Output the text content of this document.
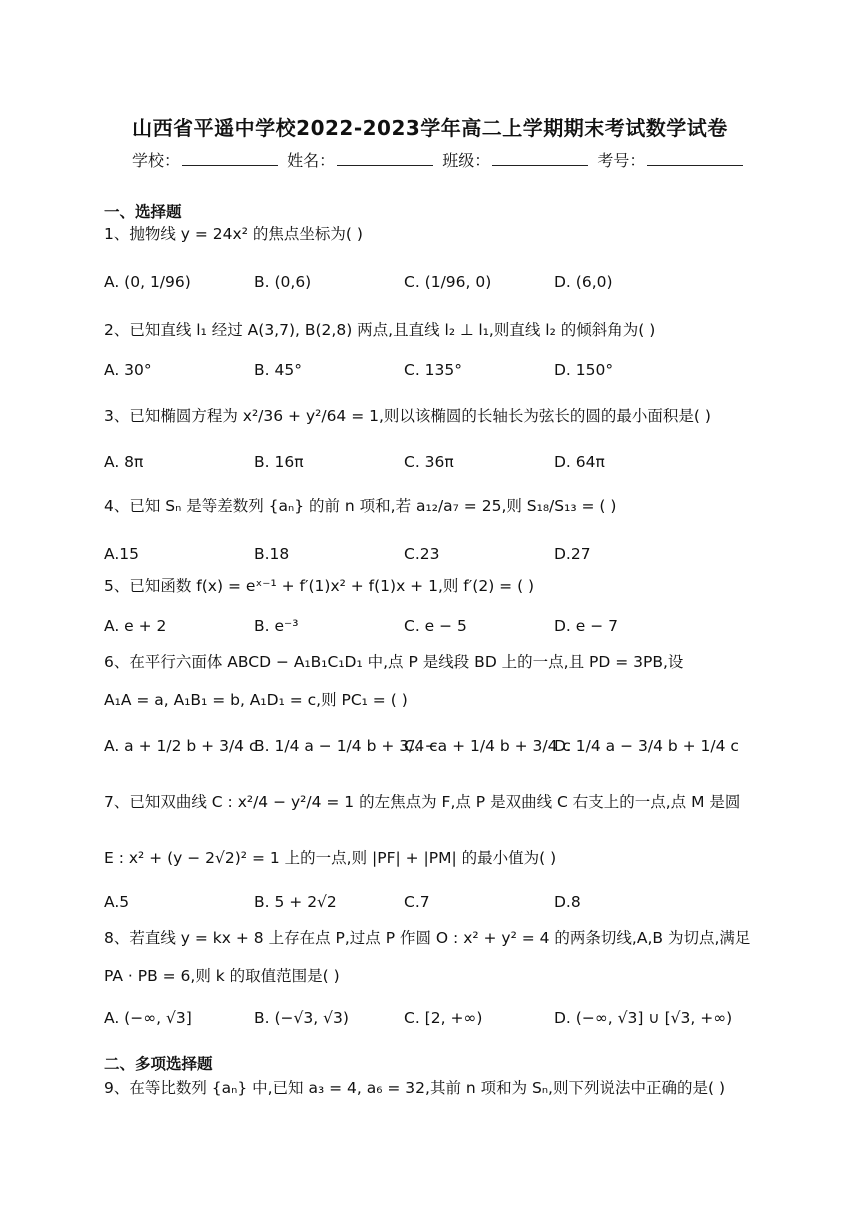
山西省平遥中学校2022-2023学年高二上学期期末考试数学试卷
学校：	姓名：	班级：	考号：
一、选择题
1、抛物线 y = 24x² 的焦点坐标为( )
A. (0, 1/96)	B. (0,6)	C. (1/96, 0)	D. (6,0)
2、已知直线 l₁ 经过 A(3,7), B(2,8) 两点,且直线 l₂ ⊥ l₁,则直线 l₂ 的倾斜角为( )
A. 30°	B. 45°	C. 135°	D. 150°
3、已知椭圆方程为 x²/36 + y²/64 = 1,则以该椭圆的长轴长为弦长的圆的最小面积是( )
A. 8π	B. 16π	C. 36π	D. 64π
4、已知 Sₙ 是等差数列 {aₙ} 的前 n 项和,若 a₁₂/a₇ = 25,则 S₁₈/S₁₃ = ( )
A.15	B.18	C.23	D.27
5、已知函数 f(x) = eˣ⁻¹ + f′(1)x² + f(1)x + 1,则 f′(2) = ( )
A. e + 2	B. e⁻³	C. e − 5	D. e − 7
6、在平行六面体 ABCD − A₁B₁C₁D₁ 中,点 P 是线段 BD 上的一点,且 PD = 3PB,设
A₁A = a, A₁B₁ = b, A₁D₁ = c,则 PC₁ = ( )
A. a + 1/2 b + 3/4 c
B. 1/4 a − 1/4 b + 3/4 c
C. −a + 1/4 b + 3/4 c
D. 1/4 a − 3/4 b + 1/4 c
7、已知双曲线 C : x²/4 − y²/4 = 1 的左焦点为 F,点 P 是双曲线 C 右支上的一点,点 M 是圆
E : x² + (y − 2√2)² = 1 上的一点,则 |PF| + |PM| 的最小值为( )
A.5	B. 5 + 2√2	C.7	D.8
8、若直线 y = kx + 8 上存在点 P,过点 P 作圆 O : x² + y² = 4 的两条切线,A,B 为切点,满足
PA · PB = 6,则 k 的取值范围是( )
A. (−∞, √3]	B. (−√3, √3)	C. [2, +∞)	D. (−∞, √3] ∪ [√3, +∞)
二、多项选择题
9、在等比数列 {aₙ} 中,已知 a₃ = 4, a₆ = 32,其前 n 项和为 Sₙ,则下列说法中正确的是( )
